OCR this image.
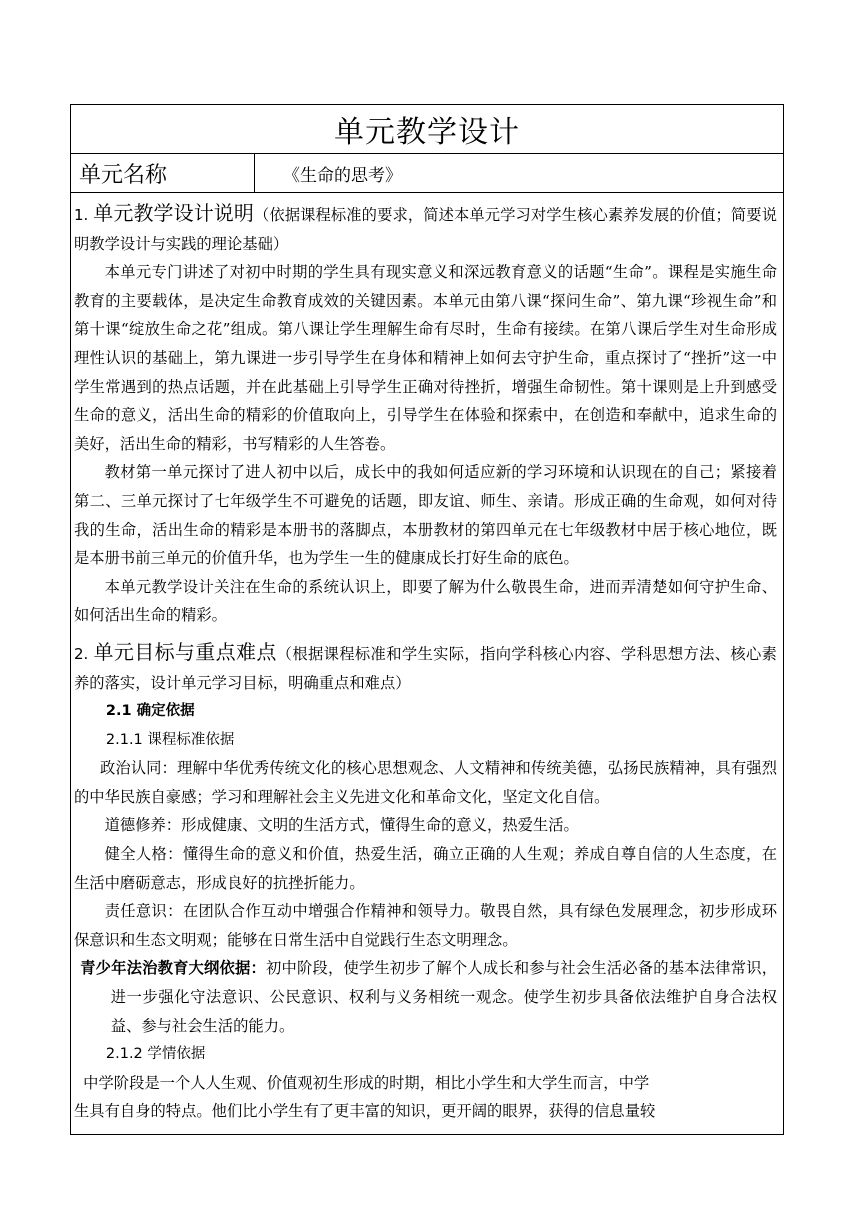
单元教学设计
单元名称	《生命的思考》

1. 单元教学设计说明（依据课程标准的要求，简述本单元学习对学生核心素养发展的价值；简要说明教学设计与实践的理论基础）

本单元专门讲述了对初中时期的学生具有现实意义和深远教育意义的话题“生命”。课程是实施生命教育的主要载体，是决定生命教育成效的关键因素。本单元由第八课“探问生命”、第九课“珍视生命”和第十课“绽放生命之花”组成。第八课让学生理解生命有尽时，生命有接续。在第八课后学生对生命形成理性认识的基础上，第九课进一步引导学生在身体和精神上如何去守护生命，重点探讨了“挫折”这一中学生常遇到的热点话题，并在此基础上引导学生正确对待挫折，增强生命韧性。第十课则是上升到感受生命的意义，活出生命的精彩的价值取向上，引导学生在体验和探索中，在创造和奉献中，追求生命的美好，活出生命的精彩，书写精彩的人生答卷。

教材第一单元探讨了进人初中以后，成长中的我如何适应新的学习环境和认识现在的自己；紧接着第二、三单元探讨了七年级学生不可避免的话题，即友谊、师生、亲请。形成正确的生命观，如何对待我的生命，活出生命的精彩是本册书的落脚点，本册教材的第四单元在七年级教材中居于核心地位，既是本册书前三单元的价值升华，也为学生一生的健康成长打好生命的底色。

本单元教学设计关注在生命的系统认识上，即要了解为什么敬畏生命，进而弄清楚如何守护生命、如何活出生命的精彩。

2. 单元目标与重点难点（根据课程标准和学生实际，指向学科核心内容、学科思想方法、核心素养的落实，设计单元学习目标，明确重点和难点）

2.1 确定依据

2.1.1 课程标准依据

政治认同：理解中华优秀传统文化的核心思想观念、人文精神和传统美德，弘扬民族精神，具有强烈的中华民族自豪感；学习和理解社会主义先进文化和革命文化，坚定文化自信。

道德修养：形成健康、文明的生活方式，懂得生命的意义，热爱生活。

健全人格：懂得生命的意义和价值，热爱生活，确立正确的人生观；养成自尊自信的人生态度，在生活中磨砺意志，形成良好的抗挫折能力。

责任意识：在团队合作互动中增强合作精神和领导力。敬畏自然，具有绿色发展理念，初步形成环保意识和生态文明观；能够在日常生活中自觉践行生态文明理念。

青少年法治教育大纲依据：初中阶段，使学生初步了解个人成长和参与社会生活必备的基本法律常识，进一步强化守法意识、公民意识、权利与义务相统一观念。使学生初步具备依法维护自身合法权益、参与社会生活的能力。

2.1.2 学情依据

中学阶段是一个人人生观、价值观初生形成的时期，相比小学生和大学生而言，中学

生具有自身的特点。他们比小学生有了更丰富的知识，更开阔的眼界，获得的信息量较
